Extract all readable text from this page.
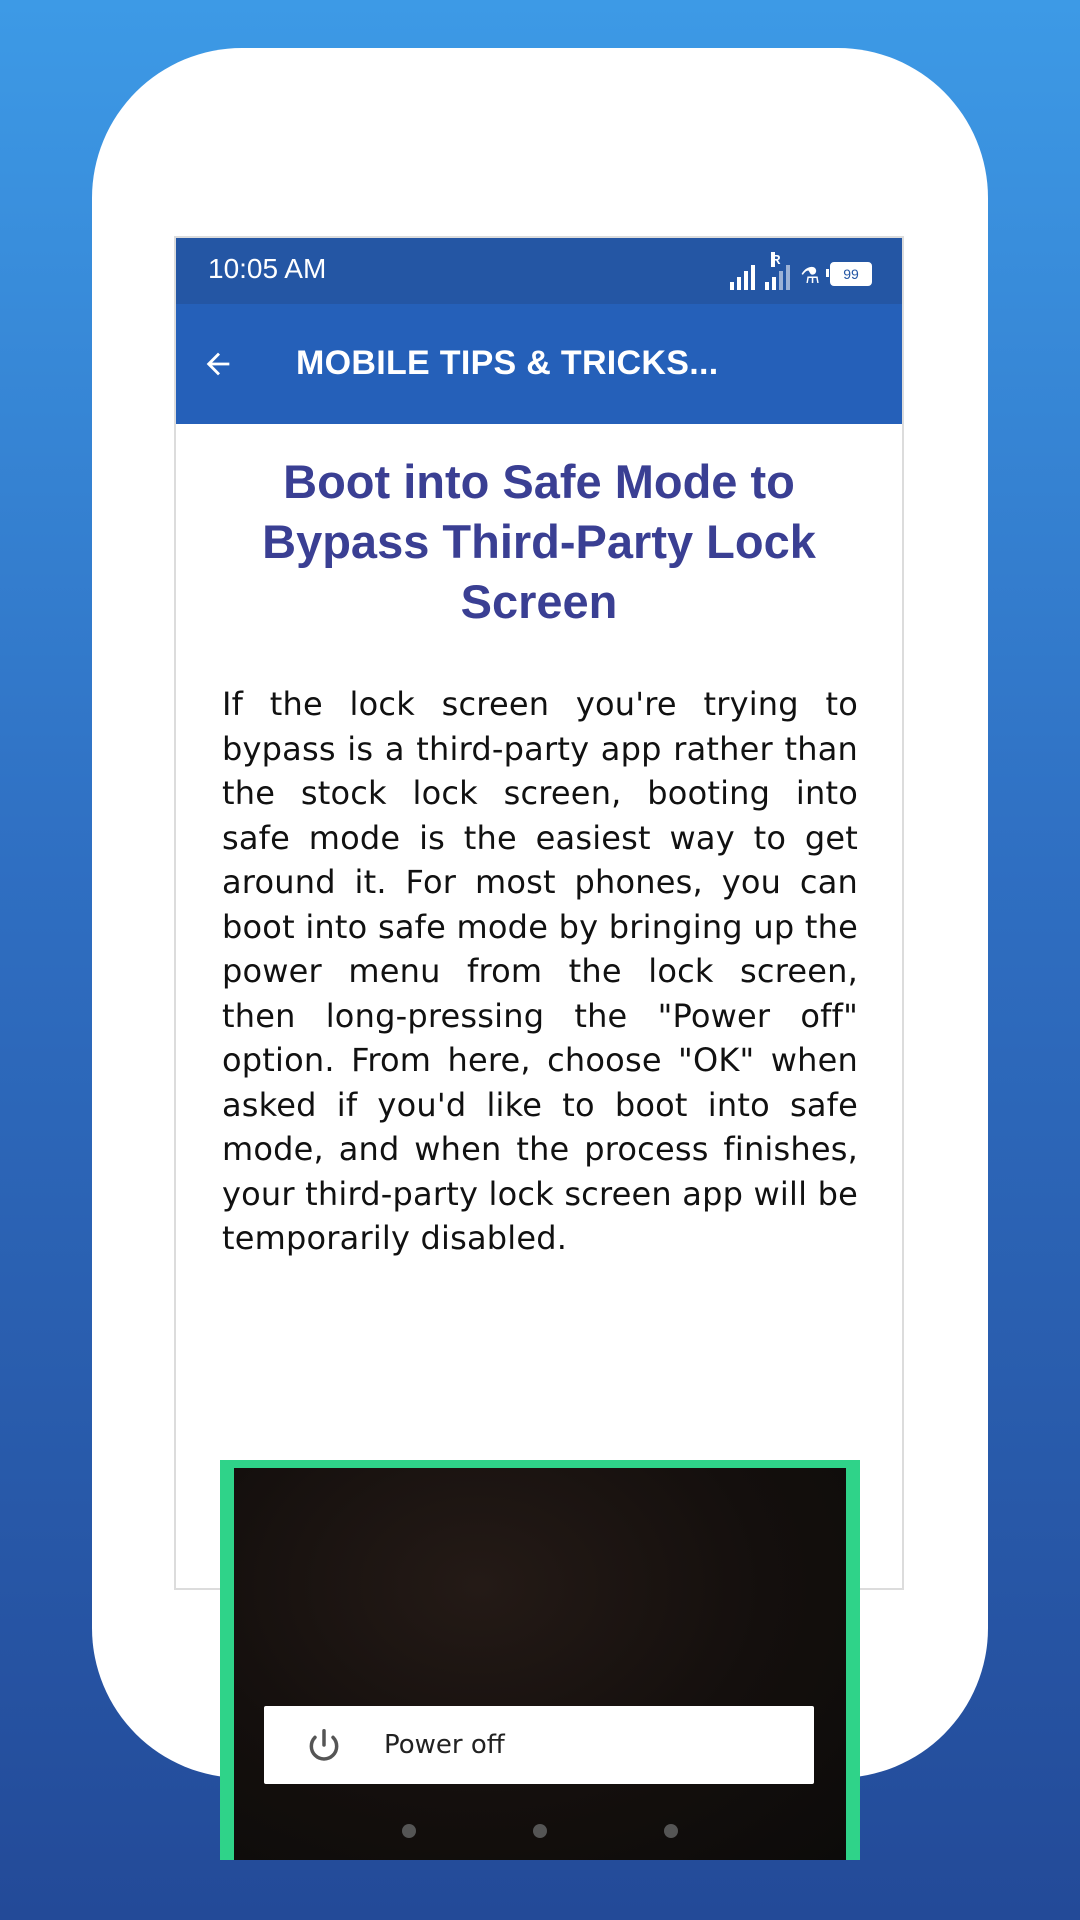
10:05 AM	R
⚗ 99
MOBILE TIPS & TRICKS...
Boot into Safe Mode to Bypass Third-Party Lock Screen
If the lock screen you're trying to bypass is a third-party app rather than the stock lock screen, booting into safe mode is the easiest way to get around it. For most phones, you can boot into safe mode by bringing up the power menu from the lock screen, then long-pressing the "Power off" option. From here, choose "OK" when asked if you'd like to boot into safe mode, and when the process finishes, your third-party lock screen app will be temporarily disabled.
Power off
